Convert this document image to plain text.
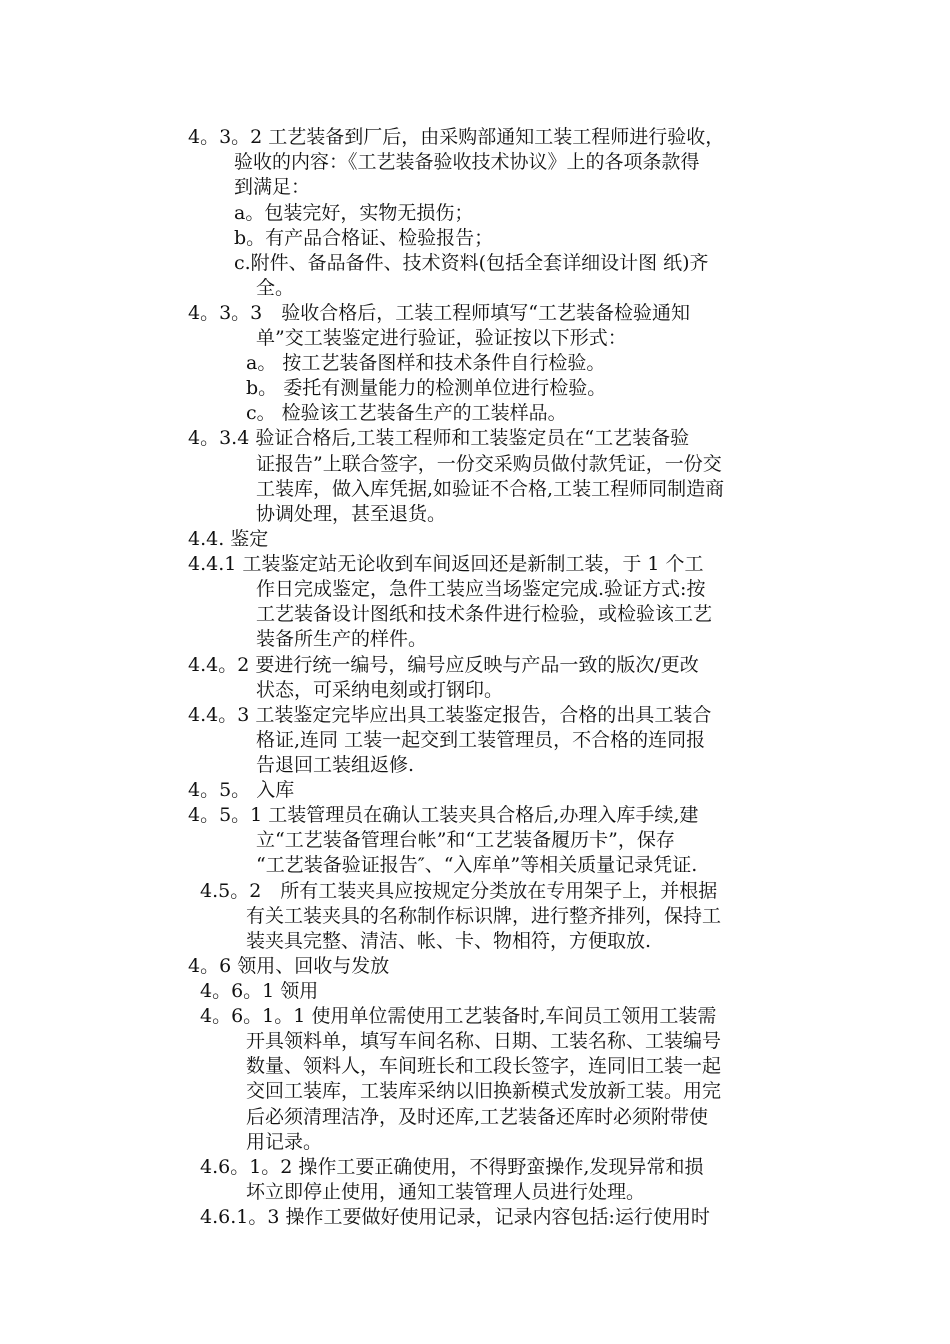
4。3。2 工艺装备到厂后，由采购部通知工装工程师进行验收，

验收的内容：《工艺装备验收技术协议》上的各项条款得

到满足：

a。包装完好，实物无损伤；

b。有产品合格证、检验报告；

c.附件、备品备件、技术资料(包括全套详细设计图 纸)齐

全。

4。3。3　验收合格后，工装工程师填写“工艺装备检验通知

单”交工装鉴定进行验证，验证按以下形式：

a。 按工艺装备图样和技术条件自行检验。

b。 委托有测量能力的检测单位进行检验。

c。 检验该工艺装备生产的工装样品。

4。3.4 验证合格后,工装工程师和工装鉴定员在“工艺装备验

证报告”上联合签字，一份交采购员做付款凭证，一份交

工装库，做入库凭据,如验证不合格,工装工程师同制造商

协调处理，甚至退货。

4.4. 鉴定

4.4.1 工装鉴定站无论收到车间返回还是新制工装，于 1 个工

作日完成鉴定，急件工装应当场鉴定完成.验证方式:按

工艺装备设计图纸和技术条件进行检验，或检验该工艺

装备所生产的样件。

4.4。2 要进行统一编号，编号应反映与产品一致的版次/更改

状态，可采纳电刻或打钢印。

4.4。3 工装鉴定完毕应出具工装鉴定报告，合格的出具工装合

格证,连同 工装一起交到工装管理员，不合格的连同报

告退回工装组返修.

4。5。 入库

4。5。1 工装管理员在确认工装夹具合格后,办理入库手续,建

立“工艺装备管理台帐”和“工艺装备履历卡”，保存

“工艺装备验证报告″、“入库单”等相关质量记录凭证.

4.5。2　所有工装夹具应按规定分类放在专用架子上，并根据

有关工装夹具的名称制作标识牌，进行整齐排列，保持工

装夹具完整、清洁、帐、卡、物相符，方便取放.

4。6 领用、回收与发放

4。6。1 领用

4。6。1。1 使用单位需使用工艺装备时,车间员工领用工装需

开具领料单，填写车间名称、日期、工装名称、工装编号

数量、领料人，车间班长和工段长签字，连同旧工装一起

交回工装库，工装库采纳以旧换新模式发放新工装。用完

后必须清理洁净，及时还库,工艺装备还库时必须附带使

用记录。

4.6。1。2 操作工要正确使用，不得野蛮操作,发现异常和损

坏立即停止使用，通知工装管理人员进行处理。

4.6.1。3 操作工要做好使用记录，记录内容包括:运行使用时
